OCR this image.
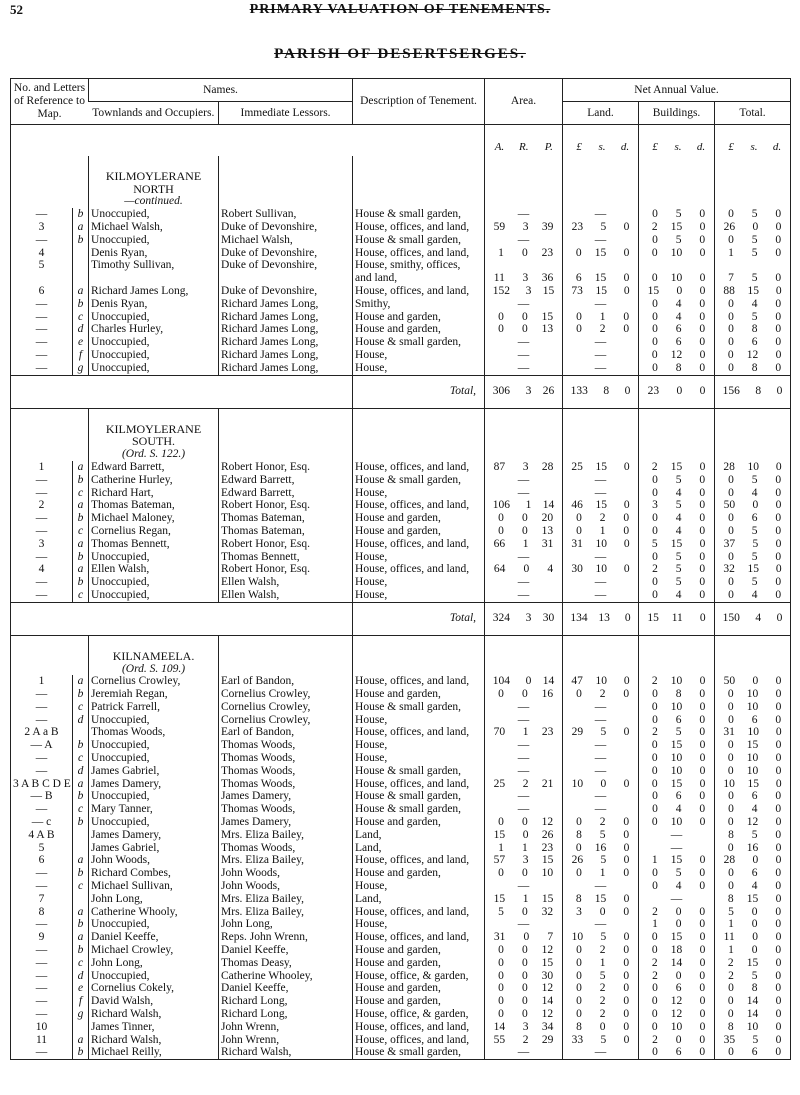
52	PRIMARY VALUATION OF TENEMENTS.
PARISH OF DESERTSERGES.
No. and Letters of Reference to Map.		Names.		Description of Tenement.	Area.	Net Annual Value.		
		Townlands and Occupiers.	Immediate Lessors.			Land.	Buildings.	Total.

					A. R. P.	£ s. d.	£ s. d.	£ s. d.

		KILMOYLERANE NORTH						
		—continued.						
—	b	Unoccupied,	Robert Sullivan,	House & small garden,	—	—	0 5 0	0 5 0

3	a	Michael Walsh,	Duke of Devonshire,	House, offices, and land,	59 3 39	23 5 0	2 15 0	26 0 0

—	b	Unoccupied,	Michael Walsh,	House & small garden,	—	—	0 5 0	0 5 0

4		Denis Ryan,	Duke of Devonshire,	House, offices, and land,	1 0 23	0 15 0	0 10 0	1 5 0

5		Timothy Sullivan,	Duke of Devonshire,	House, smithy, offices,	

				and land,	11 3 36	6 15 0	0 10 0	7 5 0

6	a	Richard James Long,	Duke of Devonshire,	House, offices, and land,	152 3 15	73 15 0	15 0 0	88 15 0

—	b	Denis Ryan,	Richard James Long,	Smithy,	—	—	0 4 0	0 4 0

—	c	Unoccupied,	Richard James Long,	House and garden,	0 0 15	0 1 0	0 4 0	0 5 0

—	d	Charles Hurley,	Richard James Long,	House and garden,	0 0 13	0 2 0	0 6 0	0 8 0

—	e	Unoccupied,	Richard James Long,	House & small garden,	—	—	0 6 0	0 6 0

—	f	Unoccupied,	Richard James Long,	House,	—	—	0 12 0	0 12 0

—	g	Unoccupied,	Richard James Long,	House,	—	—	0 8 0	0 8 0

				Total,	306 3 26	133 8 0	23 0 0	156 8 0

		KILMOYLERANE SOUTH.						
		(Ord. S. 122.)						
1	a	Edward Barrett,	Robert Honor, Esq.	House, offices, and land,	87 3 28	25 15 0	2 15 0	28 10 0

—	b	Catherine Hurley,	Edward Barrett,	House & small garden,	—	—	0 5 0	0 5 0

—	c	Richard Hart,	Edward Barrett,	House,	—	—	0 4 0	0 4 0

2	a	Thomas Bateman,	Robert Honor, Esq.	House, offices, and land,	106 1 14	46 15 0	3 5 0	50 0 0

—	b	Michael Maloney,	Thomas Bateman,	House and garden,	0 0 20	0 2 0	0 4 0	0 6 0

—	c	Cornelius Regan,	Thomas Bateman,	House and garden,	0 0 13	0 1 0	0 4 0	0 5 0

3	a	Thomas Bennett,	Robert Honor, Esq.	House, offices, and land,	66 1 31	31 10 0	5 15 0	37 5 0

—	b	Unoccupied,	Thomas Bennett,	House,	—	—	0 5 0	0 5 0

4	a	Ellen Walsh,	Robert Honor, Esq.	House, offices, and land,	64 0 4	30 10 0	2 5 0	32 15 0

—	b	Unoccupied,	Ellen Walsh,	House,	—	—	0 5 0	0 5 0

—	c	Unoccupied,	Ellen Walsh,	House,	—	—	0 4 0	0 4 0

				Total,	324 3 30	134 13 0	15 11 0	150 4 0

		KILNAMEELA.						
		(Ord. S. 109.)						
1	a	Cornelius Crowley,	Earl of Bandon,	House, offices, and land,	104 0 14	47 10 0	2 10 0	50 0 0

—	b	Jeremiah Regan,	Cornelius Crowley,	House and garden,	0 0 16	0 2 0	0 8 0	0 10 0

—	c	Patrick Farrell,	Cornelius Crowley,	House & small garden,	—	—	0 10 0	0 10 0

—	d	Unoccupied,	Cornelius Crowley,	House,	—	—	0 6 0	0 6 0

2 A a B		Thomas Woods,	Earl of Bandon,	House, offices, and land,	70 1 23	29 5 0	2 5 0	31 10 0

— A	b	Unoccupied,	Thomas Woods,	House,	—	—	0 15 0	0 15 0

—	c	Unoccupied,	Thomas Woods,	House,	—	—	0 10 0	0 10 0

—	d	James Gabriel,	Thomas Woods,	House & small garden,	—	—	0 10 0	0 10 0

3 A B C D E	a	James Damery,	Thomas Woods,	House, offices, and land,	25 2 21	10 0 0	0 15 0	10 15 0

— B	b	Unoccupied,	James Damery,	House & small garden,	—	—	0 6 0	0 6 0

—	c	Mary Tanner,	Thomas Woods,	House & small garden,	—	—	0 4 0	0 4 0

— c	b	Unoccupied,	James Damery,	House and garden,	0 0 12	0 2 0	0 10 0	0 12 0

4 A B		James Damery,	Mrs. Eliza Bailey,	Land,	15 0 26	8 5 0	—	8 5 0

5		James Gabriel,	Thomas Woods,	Land,	1 1 23	0 16 0	—	0 16 0

6	a	John Woods,	Mrs. Eliza Bailey,	House, offices, and land,	57 3 15	26 5 0	1 15 0	28 0 0

—	b	Richard Combes,	John Woods,	House and garden,	0 0 10	0 1 0	0 5 0	0 6 0

—	c	Michael Sullivan,	John Woods,	House,	—	—	0 4 0	0 4 0

7		John Long,	Mrs. Eliza Bailey,	Land,	15 1 15	8 15 0	—	8 15 0

8	a	Catherine Whooly,	Mrs. Eliza Bailey,	House, offices, and land,	5 0 32	3 0 0	2 0 0	5 0 0

—	b	Unoccupied,	John Long,	House,	—	—	1 0 0	1 0 0

9	a	Daniel Keeffe,	Reps. John Wrenn,	House, offices, and land,	31 0 7	10 5 0	0 15 0	11 0 0

—	b	Michael Crowley,	Daniel Keeffe,	House and garden,	0 0 12	0 2 0	0 18 0	1 0 0

—	c	John Long,	Thomas Deasy,	House and garden,	0 0 15	0 1 0	2 14 0	2 15 0

—	d	Unoccupied,	Catherine Whooley,	House, office, & garden,	0 0 30	0 5 0	2 0 0	2 5 0

—	e	Cornelius Cokely,	Daniel Keeffe,	House and garden,	0 0 12	0 2 0	0 6 0	0 8 0

—	f	David Walsh,	Richard Long,	House and garden,	0 0 14	0 2 0	0 12 0	0 14 0

—	g	Richard Walsh,	Richard Long,	House, office, & garden,	0 0 12	0 2 0	0 12 0	0 14 0

10		James Tinner,	John Wrenn,	House, offices, and land,	14 3 34	8 0 0	0 10 0	8 10 0

11	a	Richard Walsh,	John Wrenn,	House, offices, and land,	55 2 29	33 5 0	2 0 0	35 5 0

—	b	Michael Reilly,	Richard Walsh,	House & small garden,	—	—	0 6 0	0 6 0
